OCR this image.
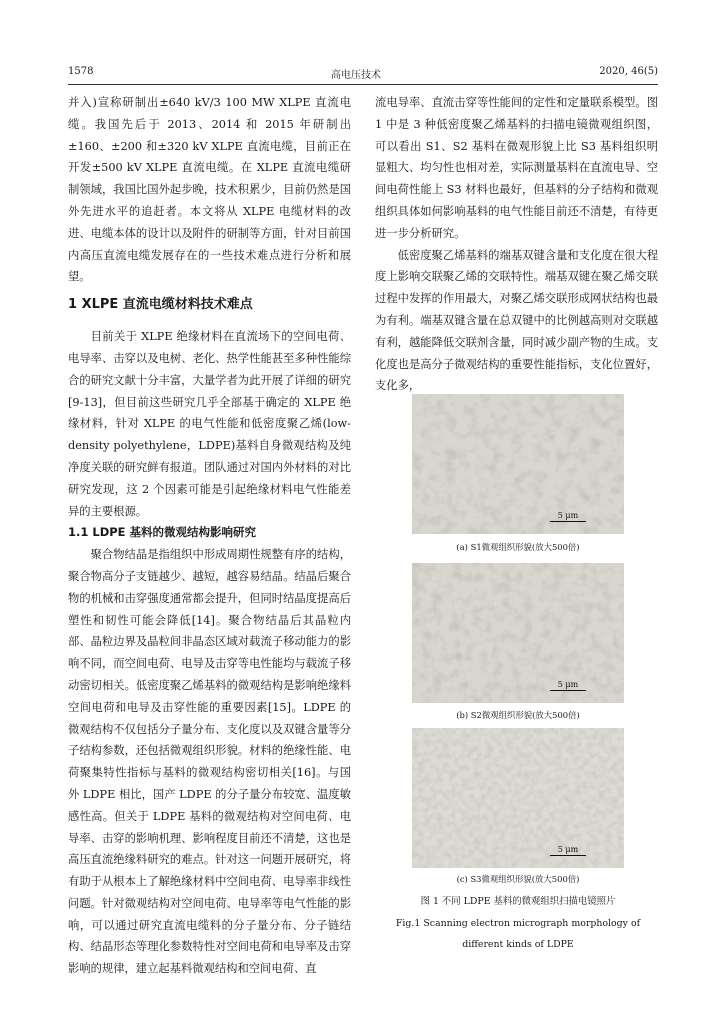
1578	高电压技术	2020, 46(5)

并入)宣称研制出±640 kV/3 100 MW XLPE 直流电缆。我国先后于 2013、2014 和 2015 年研制出±160、±200 和±320 kV XLPE 直流电缆，目前正在开发±500 kV XLPE 直流电缆。在 XLPE 直流电缆研制领域，我国比国外起步晚，技术积累少，目前仍然是国外先进水平的追赶者。本文将从 XLPE 电缆材料的改进、电缆本体的设计以及附件的研制等方面，针对目前国内高压直流电缆发展存在的一些技术难点进行分析和展望。

1 XLPE 直流电缆材料技术难点

目前关于 XLPE 绝缘材料在直流场下的空间电荷、电导率、击穿以及电树、老化、热学性能甚至多种性能综合的研究文献十分丰富，大量学者为此开展了详细的研究[9-13]，但目前这些研究几乎全部基于确定的 XLPE 绝缘材料，针对 XLPE 的电气性能和低密度聚乙烯(low-density polyethylene，LDPE)基料自身微观结构及纯净度关联的研究鲜有报道。团队通过对国内外材料的对比研究发现，这 2 个因素可能是引起绝缘材料电气性能差异的主要根源。

1.1 LDPE 基料的微观结构影响研究

聚合物结晶是指组织中形成周期性规整有序的结构，聚合物高分子支链越少、越短，越容易结晶。结晶后聚合物的机械和击穿强度通常都会提升，但同时结晶度提高后塑性和韧性可能会降低[14]。聚合物结晶后其晶粒内部、晶粒边界及晶粒间非晶态区域对载流子移动能力的影响不同，而空间电荷、电导及击穿等电性能均与载流子移动密切相关。低密度聚乙烯基料的微观结构是影响绝缘料空间电荷和电导及击穿性能的重要因素[15]。LDPE 的微观结构不仅包括分子量分布、支化度以及双键含量等分子结构参数，还包括微观组织形貌。材料的绝缘性能、电荷聚集特性指标与基料的微观结构密切相关[16]。与国外 LDPE 相比，国产 LDPE 的分子量分布较宽、温度敏感性高。但关于 LDPE 基料的微观结构对空间电荷、电导率、击穿的影响机理、影响程度目前还不清楚，这也是高压直流绝缘料研究的难点。针对这一问题开展研究，将有助于从根本上了解绝缘材料中空间电荷、电导率非线性问题。针对微观结构对空间电荷、电导率等电气性能的影响，可以通过研究直流电缆料的分子量分布、分子链结构、结晶形态等理化参数特性对空间电荷和电导率及击穿影响的规律，建立起基料微观结构和空间电荷、直

流电导率、直流击穿等性能间的定性和定量联系模型。图 1 中是 3 种低密度聚乙烯基料的扫描电镜微观组织图，可以看出 S1、S2 基料在微观形貌上比 S3 基料组织明显粗大、均匀性也相对差，实际测量基料在直流电导、空间电荷性能上 S3 材料也最好，但基料的分子结构和微观组织具体如何影响基料的电气性能目前还不清楚，有待更进一步分析研究。

低密度聚乙烯基料的端基双键含量和支化度在很大程度上影响交联聚乙烯的交联特性。端基双键在聚乙烯交联过程中发挥的作用最大，对聚乙烯交联形成网状结构也最为有利。端基双键含量在总双键中的比例越高则对交联越有利，越能降低交联剂含量，同时减少副产物的生成。支化度也是高分子微观结构的重要性能指标，支化位置好，支化多，

5 μm
(a) S1微观组织形貌(放大500倍)
5 μm
(b) S2微观组织形貌(放大500倍)
5 μm
(c) S3微观组织形貌(放大500倍)
图 1 不同 LDPE 基料的微观组织扫描电镜照片
Fig.1 Scanning electron micrograph morphology of
different kinds of LDPE
